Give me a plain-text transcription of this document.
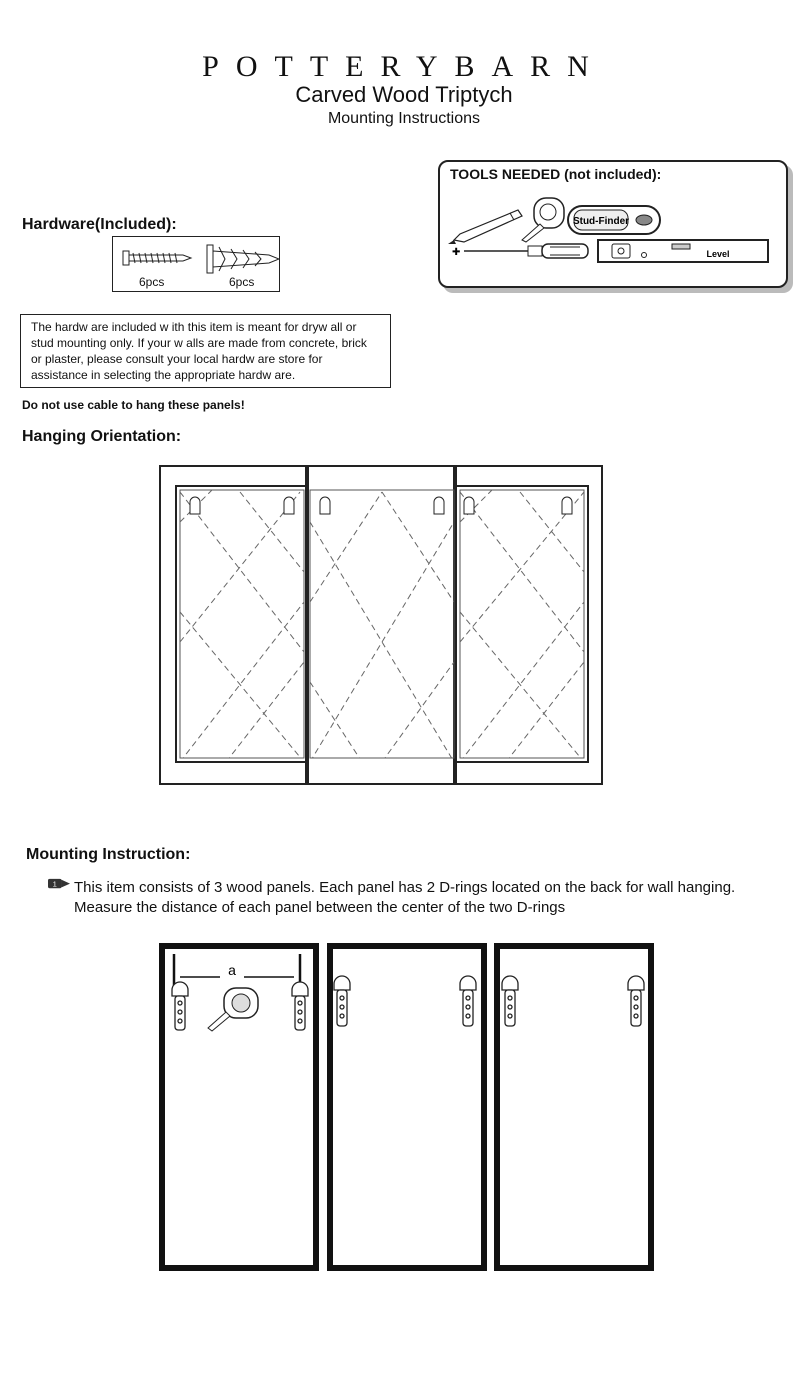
POTTERYBARN
Carved Wood Triptych
Mounting Instructions
TOOLS NEEDED (not included):
Stud-Finder
✚	Level
Hardware(Included):
6pcs	6pcs
The hardw are included w ith this item is meant for dryw all or stud mounting only. If your w alls are made from concrete, brick or plaster, please consult your local hardw are store for assistance in selecting the appropriate hardw are.
Do not use cable to hang these panels!
Hanging Orientation:
Mounting Instruction:
1 This item consists of 3 wood panels. Each panel has 2 D-rings located on the back for wall hanging. Measure the distance of each panel between the center of the two D-rings
a
